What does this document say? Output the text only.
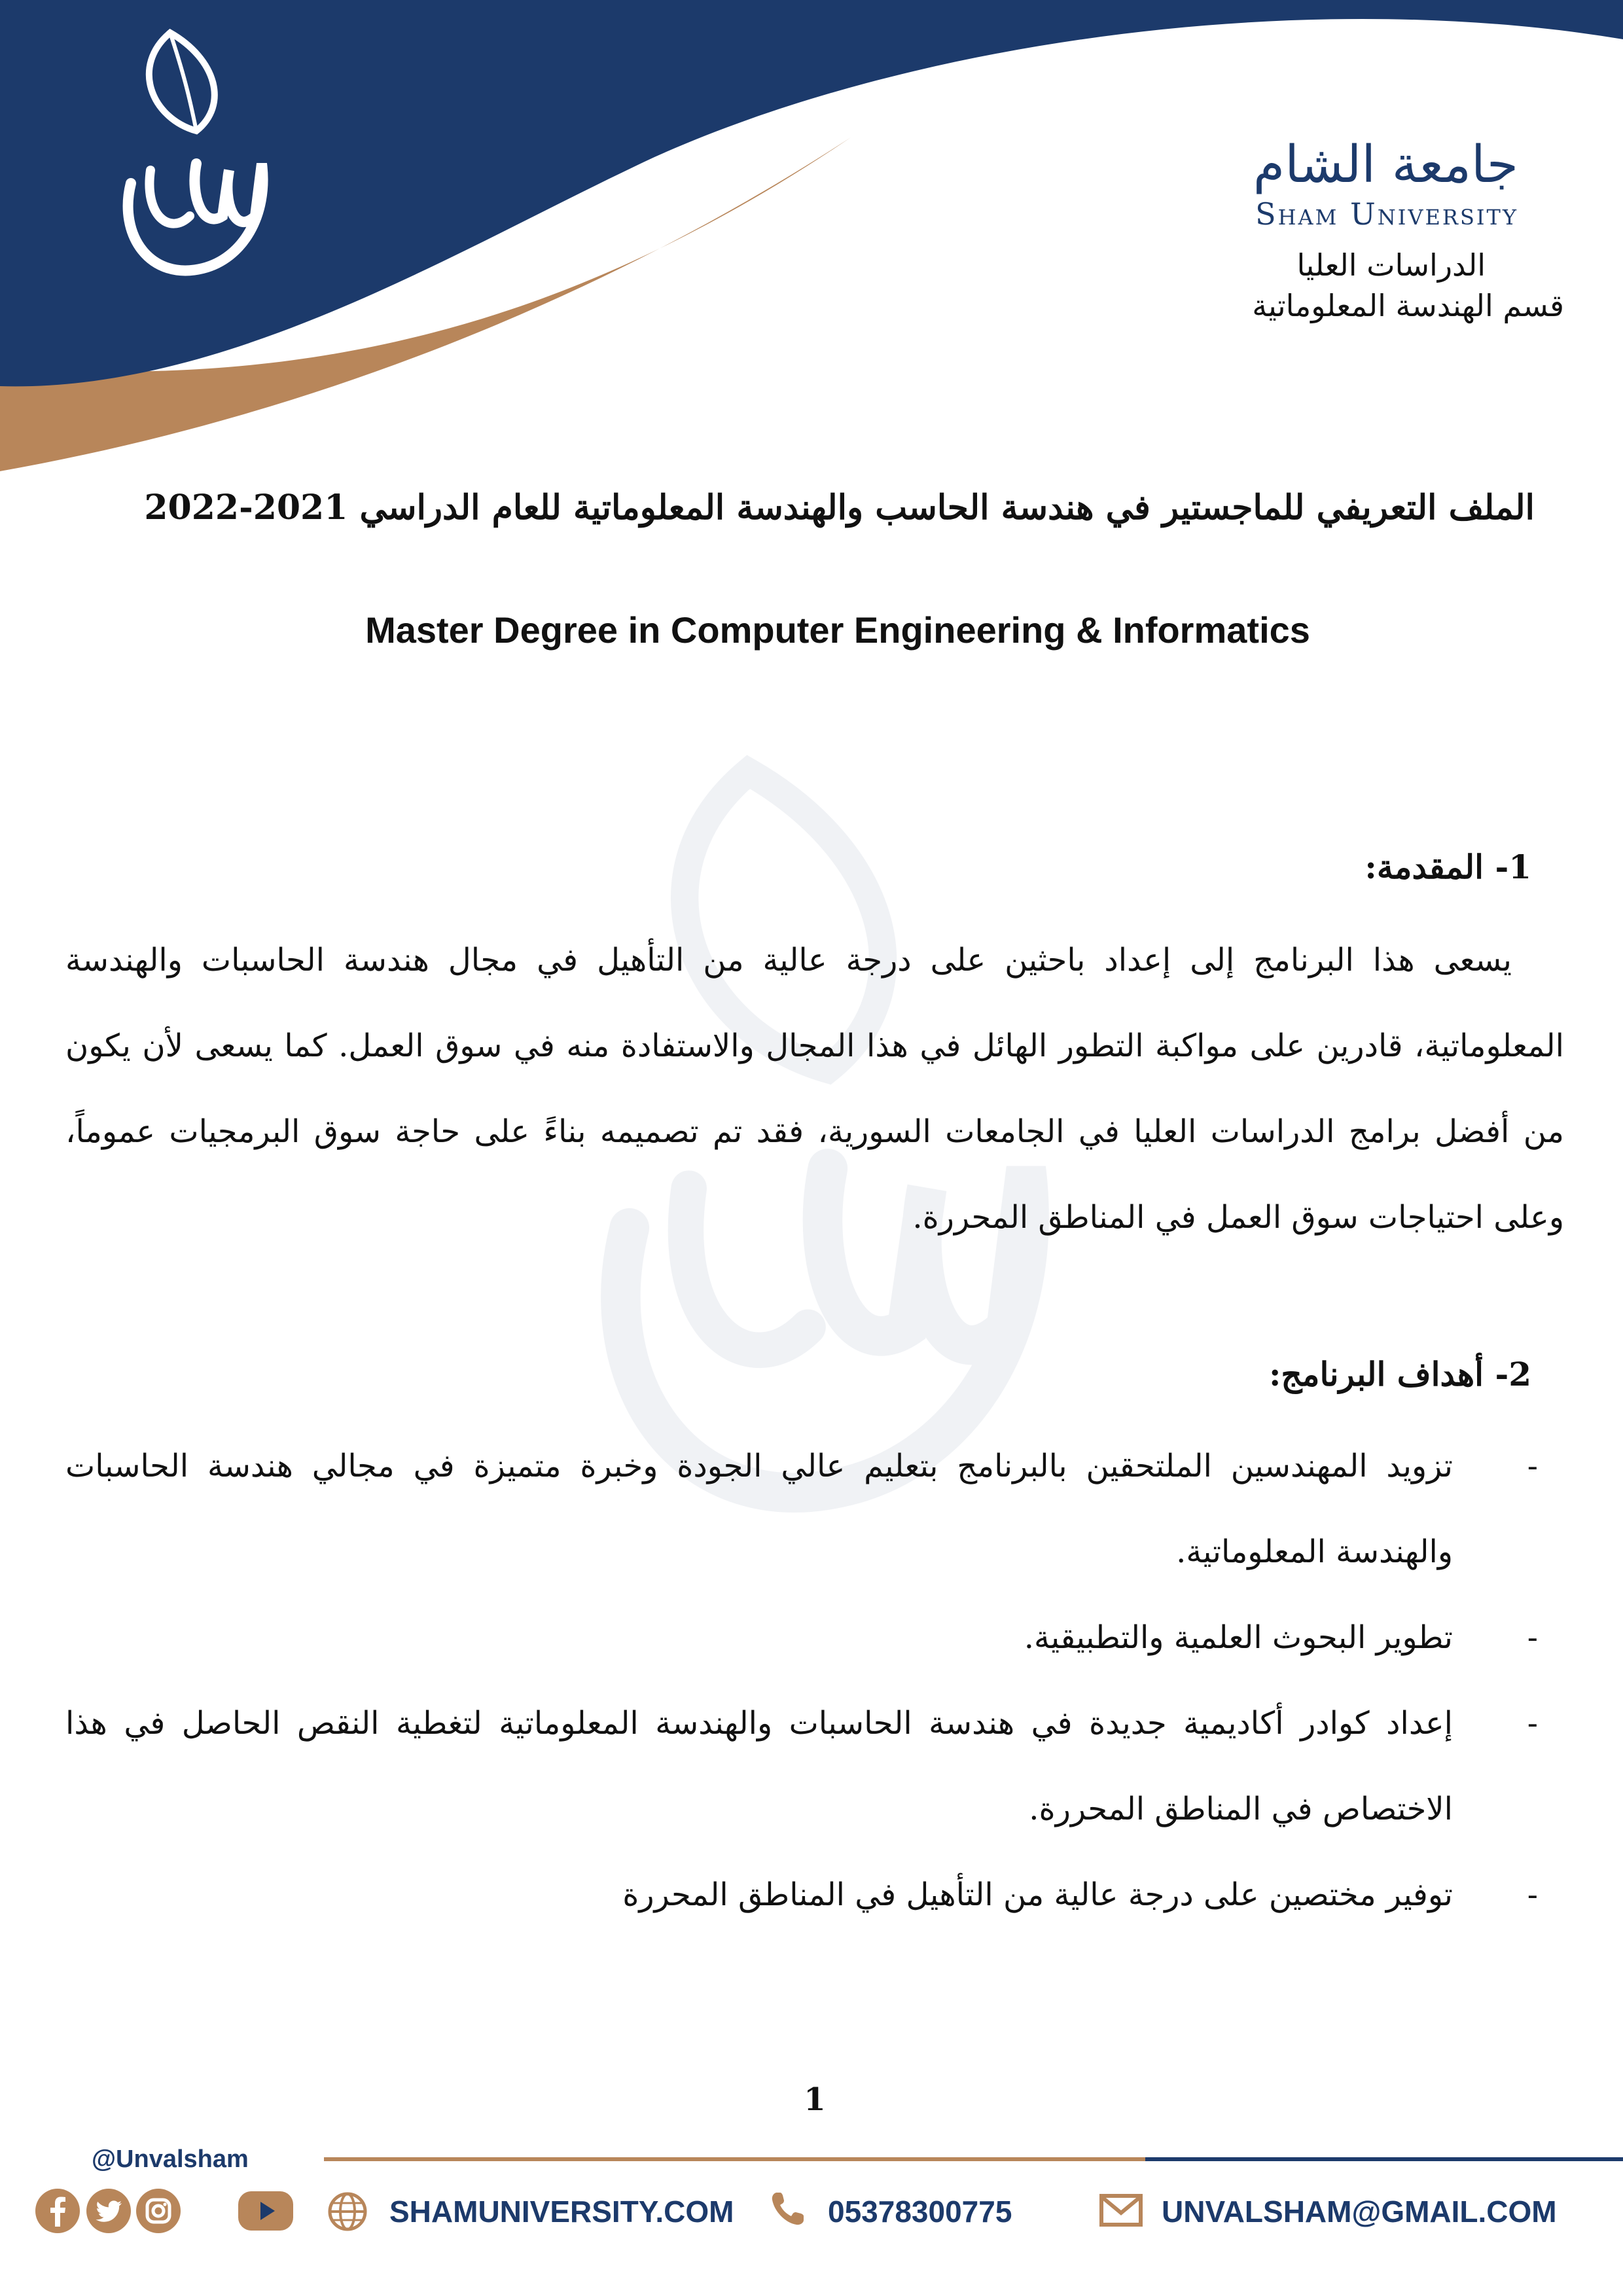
جامعة الشام
Sham University
الدراسات العليا
قسم الهندسة المعلوماتية
الملف التعريفي للماجستير في هندسة الحاسب والهندسة المعلوماتية للعام الدراسي 2021-2022
Master Degree in Computer Engineering & Informatics
1- المقدمة:

يسعى هذا البرنامج إلى إعداد باحثين على درجة عالية من التأهيل في مجال هندسة الحاسبات والهندسة المعلوماتية، قادرين على مواكبة التطور الهائل في هذا المجال والاستفادة منه في سوق العمل. كما يسعى لأن يكون من أفضل برامج الدراسات العليا في الجامعات السورية، فقد تم تصميمه بناءً على حاجة سوق البرمجيات عموماً، وعلى احتياجات سوق العمل في المناطق المحررة.

2- أهداف البرنامج:
-
تزويد المهندسين الملتحقين بالبرنامج بتعليم عالي الجودة وخبرة متميزة في مجالي هندسة الحاسبات والهندسة المعلوماتية.
-
تطوير البحوث العلمية والتطبيقية.
-
إعداد كوادر أكاديمية جديدة في هندسة الحاسبات والهندسة المعلوماتية لتغطية النقص الحاصل في هذا الاختصاص في المناطق المحررة.
-
توفير مختصين على درجة عالية من التأهيل في المناطق المحررة
1
@Unvalsham
SHAMUNIVERSITY.COM	05378300775	UNVALSHAM@GMAIL.COM
